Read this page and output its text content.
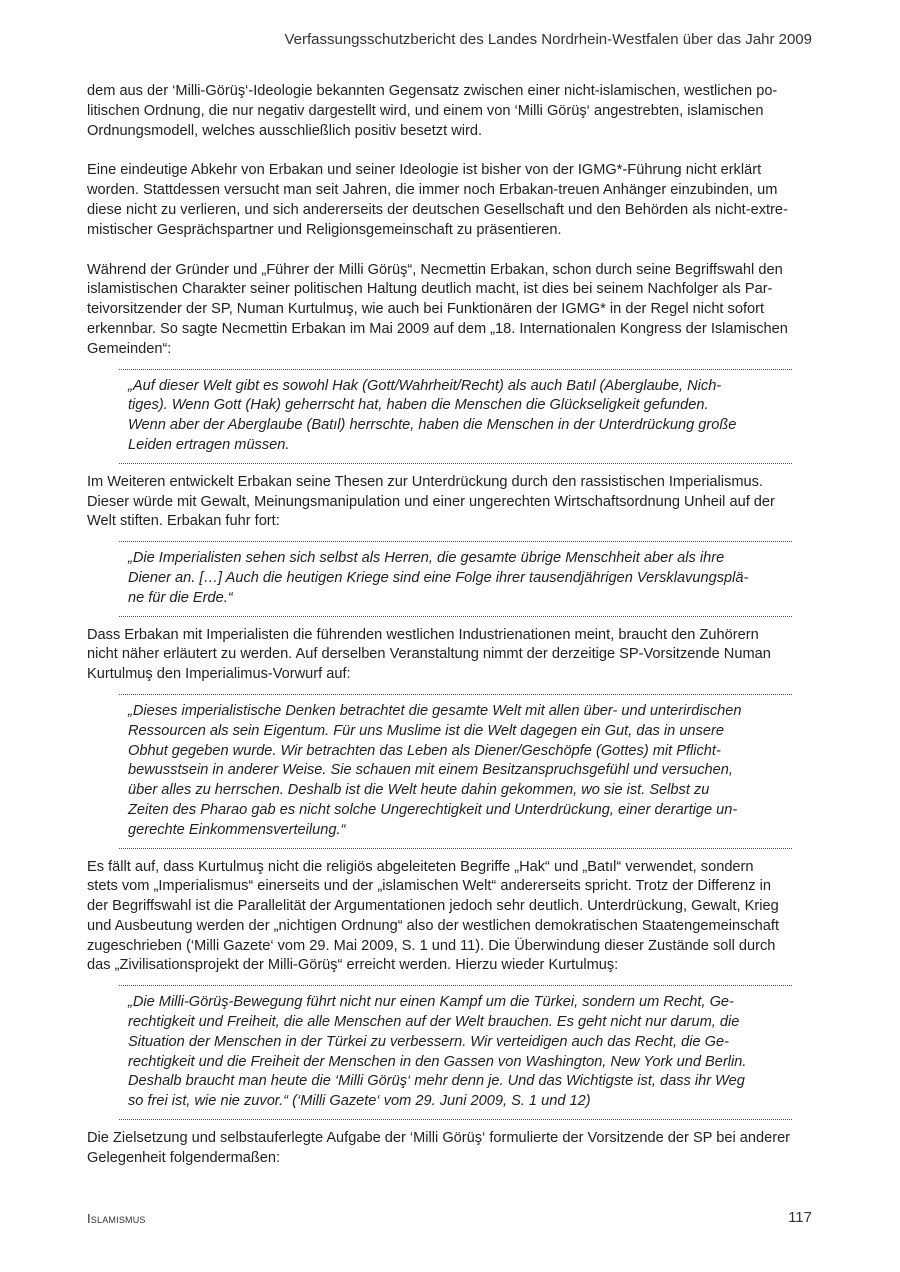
Verfassungsschutzbericht des Landes Nordrhein-Westfalen über das Jahr 2009
dem aus der ‘Milli-Görüş‘-Ideologie bekannten Gegensatz zwischen einer nicht-islamischen, westlichen po-
litischen Ordnung, die nur negativ dargestellt wird, und einem von ‘Milli Görüş‘ angestrebten, islamischen
Ordnungsmodell, welches ausschließlich positiv besetzt wird.
Eine eindeutige Abkehr von Erbakan und seiner Ideologie ist bisher von der IGMG*-Führung nicht erklärt
worden. Stattdessen versucht man seit Jahren, die immer noch Erbakan-treuen Anhänger einzubinden, um
diese nicht zu verlieren, und sich andererseits der deutschen Gesellschaft und den Behörden als nicht-extre-
mistischer Gesprächspartner und Religionsgemeinschaft zu präsentieren.
Während der Gründer und „Führer der Milli Görüş“, Necmettin Erbakan, schon durch seine Begriffswahl den
islamistischen Charakter seiner politischen Haltung deutlich macht, ist dies bei seinem Nachfolger als Par-
teivorsitzender der SP, Numan Kurtulmuş, wie auch bei Funktionären der IGMG* in der Regel nicht sofort
erkennbar. So sagte Necmettin Erbakan im Mai 2009 auf dem „18. Internationalen Kongress der Islamischen
Gemeinden“:
„Auf dieser Welt gibt es sowohl Hak (Gott/Wahrheit/Recht) als auch Batıl (Aberglaube, Nich-
tiges). Wenn Gott (Hak) geherrscht hat, haben die Menschen die Glückseligkeit gefunden.
Wenn aber der Aberglaube (Batıl) herrschte, haben die Menschen in der Unterdrückung große
Leiden ertragen müssen.
Im Weiteren entwickelt Erbakan seine Thesen zur Unterdrückung durch den rassistischen Imperialismus.
Dieser würde mit Gewalt, Meinungsmanipulation und einer ungerechten Wirtschaftsordnung Unheil auf der
Welt stiften. Erbakan fuhr fort:
„Die Imperialisten sehen sich selbst als Herren, die gesamte übrige Menschheit aber als ihre
Diener an. […] Auch die heutigen Kriege sind eine Folge ihrer tausendjährigen Versklavungsplä-
ne für die Erde.“
Dass Erbakan mit Imperialisten die führenden westlichen Industrienationen meint, braucht den Zuhörern
nicht näher erläutert zu werden. Auf derselben Veranstaltung nimmt der derzeitige SP-Vorsitzende Numan
Kurtulmuş den Imperialimus-Vorwurf auf:
„Dieses imperialistische Denken betrachtet die gesamte Welt mit allen über- und unterirdischen
Ressourcen als sein Eigentum. Für uns Muslime ist die Welt dagegen ein Gut, das in unsere
Obhut gegeben wurde. Wir betrachten das Leben als Diener/Geschöpfe (Gottes) mit Pflicht-
bewusstsein in anderer Weise. Sie schauen mit einem Besitzanspruchsgefühl und versuchen,
über alles zu herrschen. Deshalb ist die Welt heute dahin gekommen, wo sie ist. Selbst zu
Zeiten des Pharao gab es nicht solche Ungerechtigkeit und Unterdrückung, einer derartige un-
gerechte Einkommensverteilung.“
Es fällt auf, dass Kurtulmuş nicht die religiös abgeleiteten Begriffe „Hak“ und „Batıl“ verwendet, sondern
stets vom „Imperialismus“ einerseits und der „islamischen Welt“ andererseits spricht. Trotz der Differenz in
der Begriffswahl ist die Parallelität der Argumentationen jedoch sehr deutlich. Unterdrückung, Gewalt, Krieg
und Ausbeutung werden der „nichtigen Ordnung“ also der westlichen demokratischen Staatengemeinschaft
zugeschrieben (‘Milli Gazete‘ vom 29. Mai 2009, S. 1 und 11). Die Überwindung dieser Zustände soll durch
das „Zivilisationsprojekt der Milli-Görüş“ erreicht werden. Hierzu wieder Kurtulmuş:
„Die Milli-Görüş-Bewegung führt nicht nur einen Kampf um die Türkei, sondern um Recht, Ge-
rechtigkeit und Freiheit, die alle Menschen auf der Welt brauchen. Es geht nicht nur darum, die
Situation der Menschen in der Türkei zu verbessern. Wir verteidigen auch das Recht, die Ge-
rechtigkeit und die Freiheit der Menschen in den Gassen von Washington, New York und Berlin.
Deshalb braucht man heute die ‘Milli Görüş‘ mehr denn je. Und das Wichtigste ist, dass ihr Weg
so frei ist, wie nie zuvor.“ (‘Milli Gazete‘ vom 29. Juni 2009, S. 1 und 12)
Die Zielsetzung und selbstauferlegte Aufgabe der ‘Milli Görüş‘ formulierte der Vorsitzende der SP bei anderer
Gelegenheit folgendermaßen:
Islamismus	117
